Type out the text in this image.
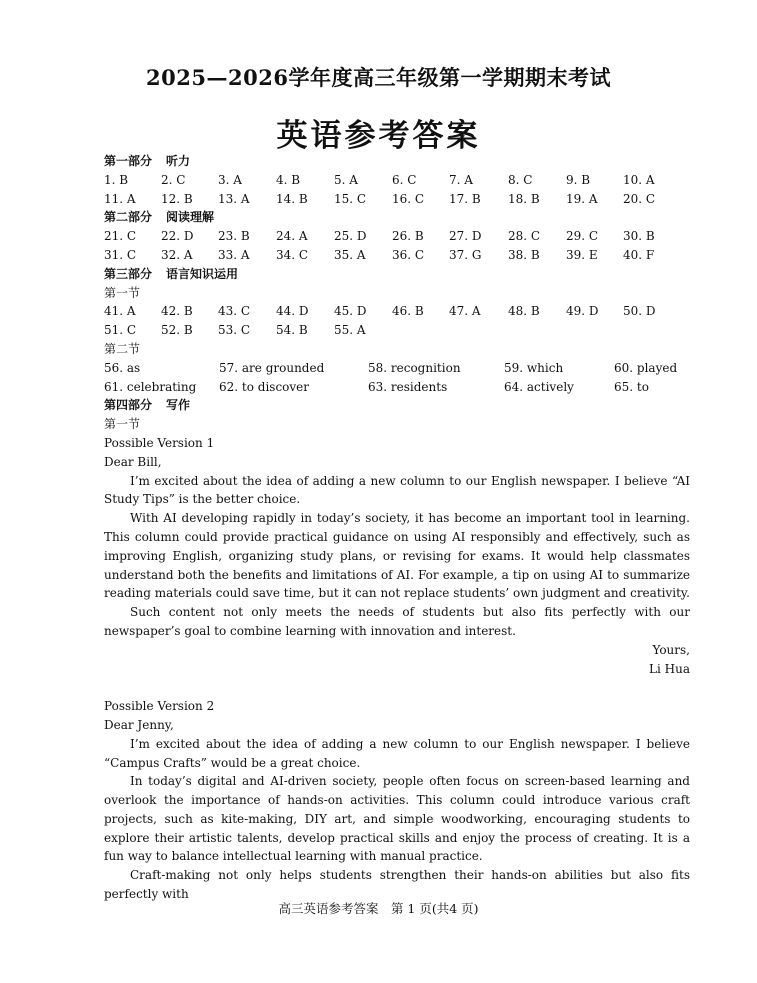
2025—2026学年度高三年级第一学期期末考试
英语参考答案
第一部分 听力
1. B	2. C	3. A	4. B	5. A	6. C	7. A	8. C	9. B	10. A
11. A 12. B 13. A 14. B 15. C 16. C 17. B 18. B 19. A 20. C
第二部分 阅读理解
21. C 22. D 23. B 24. A 25. D 26. B 27. D 28. C 29. C 30. B
31. C 32. A 33. A 34. C 35. A 36. C 37. G 38. B 39. E 40. F
第三部分 语言知识运用
第一节
41. A 42. B 43. C 44. D 45. D 46. B 47. A 48. B 49. D 50. D
51. C 52. B 53. C 54. B 55. A
第二节
56. as	57. are grounded	58. recognition	59. which	60. played
61. celebrating 62. to discover	63. residents	64. actively	65. to
第四部分 写作
第一节
Possible Version 1
Dear Bill,
I’m excited about the idea of adding a new column to our English newspaper. I believe “AI Study Tips” is the better choice.
With AI developing rapidly in today’s society, it has become an important tool in learning. This column could provide practical guidance on using AI responsibly and effectively, such as improving English, organizing study plans, or revising for exams. It would help classmates understand both the benefits and limitations of AI. For example, a tip on using AI to summarize reading materials could save time, but it can not replace students’ own judgment and creativity.
Such content not only meets the needs of students but also fits perfectly with our newspaper’s goal to combine learning with innovation and interest.
Yours,
Li Hua
Possible Version 2
Dear Jenny,
I’m excited about the idea of adding a new column to our English newspaper. I believe “Campus Crafts” would be a great choice.
In today’s digital and AI-driven society, people often focus on screen-based learning and overlook the importance of hands-on activities. This column could introduce various craft projects, such as kite-making, DIY art, and simple woodworking, encouraging students to explore their artistic talents, develop practical skills and enjoy the process of creating. It is a fun way to balance intellectual learning with manual practice.
Craft-making not only helps students strengthen their hands-on abilities but also fits perfectly with
高三英语参考答案　第 1 页(共4 页)
